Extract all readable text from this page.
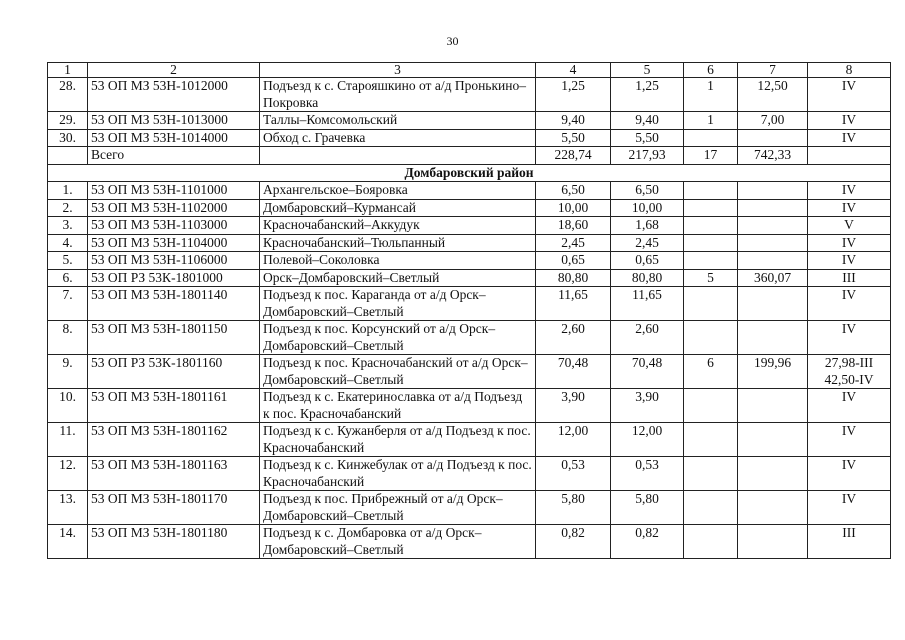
30
1	2	3	4	5	6	7	8
28.	53 ОП МЗ 53Н-1012000	Подъезд к с. Старояшкино от а/д Пронькино–Покровка	1,25	1,25	1	12,50	IV
29.	53 ОП МЗ 53Н-1013000	Таллы–Комсомольский	9,40	9,40	1	7,00	IV
30.	53 ОП МЗ 53Н-1014000	Обход с. Грачевка	5,50	5,50			IV
	Всего		228,74	217,93	17	742,33	
Домбаровский район							
1.	53 ОП МЗ 53Н-1101000	Архангельское–Бояровка	6,50	6,50			IV
2.	53 ОП МЗ 53Н-1102000	Домбаровский–Курмансай	10,00	10,00			IV
3.	53 ОП МЗ 53Н-1103000	Красночабанский–Аккудук	18,60	1,68			V
4.	53 ОП МЗ 53Н-1104000	Красночабанский–Тюльпанный	2,45	2,45			IV
5.	53 ОП МЗ 53Н-1106000	Полевой–Соколовка	0,65	0,65			IV
6.	53 ОП РЗ 53К-1801000	Орск–Домбаровский–Светлый	80,80	80,80	5	360,07	III
7.	53 ОП МЗ 53Н-1801140	Подъезд к пос. Караганда от а/д Орск–Домбаровский–Светлый	11,65	11,65			IV
8.	53 ОП МЗ 53Н-1801150	Подъезд к пос. Корсунский от а/д Орск–Домбаровский–Светлый	2,60	2,60			IV
9.	53 ОП РЗ 53К-1801160	Подъезд к пос. Красночабанский от а/д Орск–Домбаровский–Светлый	70,48	70,48	6	199,96	27,98-III 42,50-IV
10.	53 ОП МЗ 53Н-1801161	Подъезд к с. Екатеринославка от а/д Подъезд к пос. Красночабанский	3,90	3,90			IV
11.	53 ОП МЗ 53Н-1801162	Подъезд к с. Кужанберля от а/д Подъезд к пос. Красночабанский	12,00	12,00			IV
12.	53 ОП МЗ 53Н-1801163	Подъезд к с. Кинжебулак от а/д Подъезд к пос. Красночабанский	0,53	0,53			IV
13.	53 ОП МЗ 53Н-1801170	Подъезд к пос. Прибрежный от а/д Орск–Домбаровский–Светлый	5,80	5,80			IV
14.	53 ОП МЗ 53Н-1801180	Подъезд к с. Домбаровка от а/д Орск–Домбаровский–Светлый	0,82	0,82			III
